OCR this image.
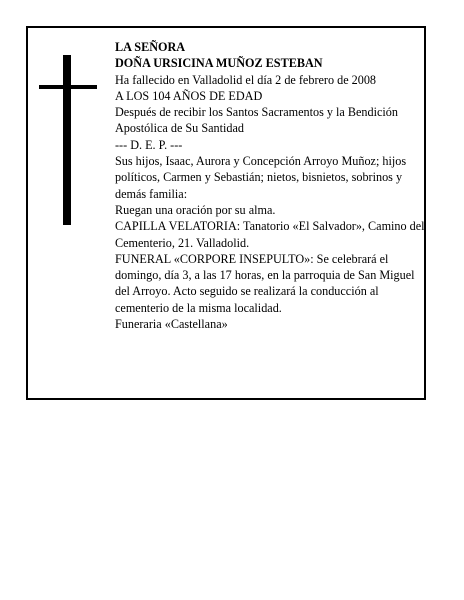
LA SEÑORA

DOÑA URSICINA MUÑOZ ESTEBAN

Ha fallecido en Valladolid el día 2 de febrero de 2008

A LOS 104 AÑOS DE EDAD

Después de recibir los Santos Sacramentos y la Bendición Apostólica de Su Santidad

--- D. E. P. ---

Sus hijos, Isaac, Aurora y Concepción Arroyo Muñoz; hijos políticos, Carmen y Sebastián; nietos, bisnietos, sobrinos y demás familia:

Ruegan una oración por su alma.

CAPILLA VELATORIA: Tanatorio «El Salvador», Camino del Cementerio, 21. Valladolid.

FUNERAL «CORPORE INSEPULTO»: Se celebrará el domingo, día 3, a las 17 horas, en la parroquia de San Miguel del Arroyo. Acto seguido se realizará la conducción al cementerio de la misma localidad.

Funeraria «Castellana»
